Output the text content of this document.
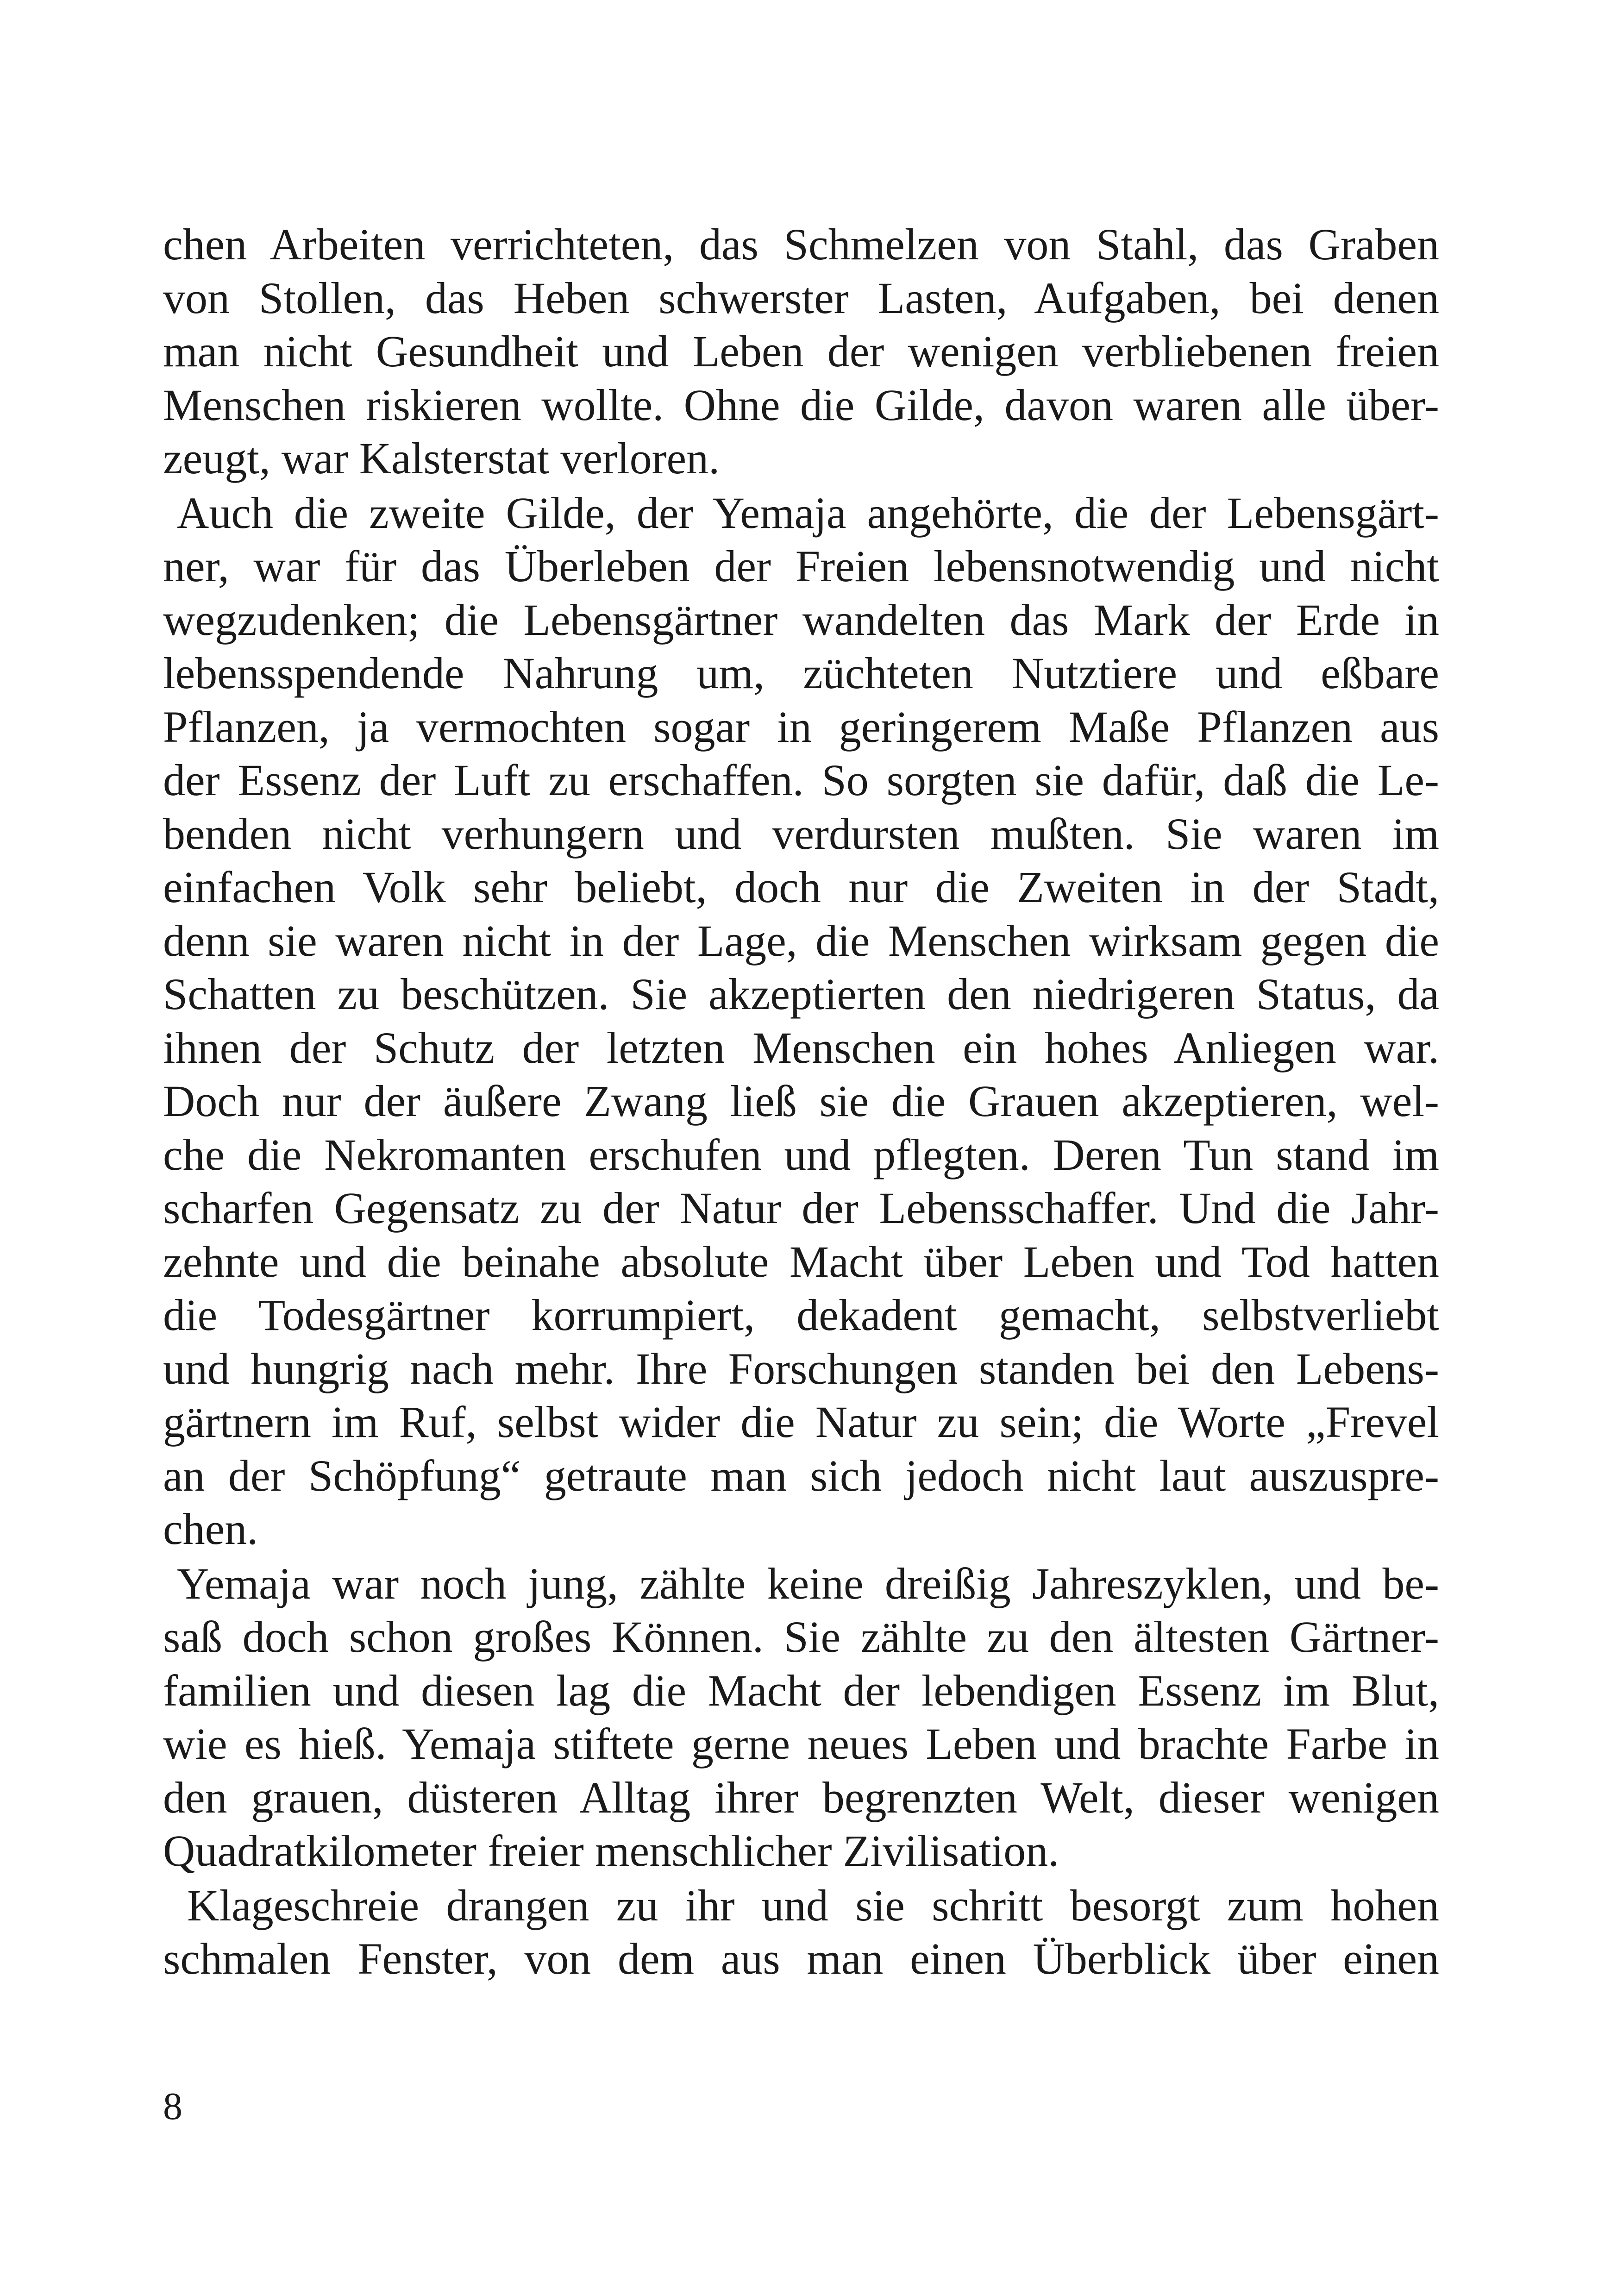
chen Arbeiten verrichteten, das Schmelzen von Stahl, das Graben
von Stollen, das Heben schwerster Lasten, Aufgaben, bei denen
man nicht Gesundheit und Leben der wenigen verbliebenen freien
Menschen riskieren wollte. Ohne die Gilde, davon waren alle über-
zeugt, war Kalsterstat verloren.
Auch die zweite Gilde, der Yemaja angehörte, die der Lebensgärt-
ner, war für das Überleben der Freien lebensnotwendig und nicht
wegzudenken; die Lebensgärtner wandelten das Mark der Erde in
lebensspendende Nahrung um, züchteten Nutztiere und eßbare
Pflanzen, ja vermochten sogar in geringerem Maße Pflanzen aus
der Essenz der Luft zu erschaffen. So sorgten sie dafür, daß die Le-
benden nicht verhungern und verdursten mußten. Sie waren im
einfachen Volk sehr beliebt, doch nur die Zweiten in der Stadt,
denn sie waren nicht in der Lage, die Menschen wirksam gegen die
Schatten zu beschützen. Sie akzeptierten den niedrigeren Status, da
ihnen der Schutz der letzten Menschen ein hohes Anliegen war.
Doch nur der äußere Zwang ließ sie die Grauen akzeptieren, wel-
che die Nekromanten erschufen und pflegten. Deren Tun stand im
scharfen Gegensatz zu der Natur der Lebensschaffer. Und die Jahr-
zehnte und die beinahe absolute Macht über Leben und Tod hatten
die Todesgärtner korrumpiert, dekadent gemacht, selbstverliebt
und hungrig nach mehr. Ihre Forschungen standen bei den Lebens-
gärtnern im Ruf, selbst wider die Natur zu sein; die Worte „Frevel
an der Schöpfung“ getraute man sich jedoch nicht laut auszuspre-
chen.
Yemaja war noch jung, zählte keine dreißig Jahreszyklen, und be-
saß doch schon großes Können. Sie zählte zu den ältesten Gärtner-
familien und diesen lag die Macht der lebendigen Essenz im Blut,
wie es hieß. Yemaja stiftete gerne neues Leben und brachte Farbe in
den grauen, düsteren Alltag ihrer begrenzten Welt, dieser wenigen
Quadratkilometer freier menschlicher Zivilisation.
Klageschreie drangen zu ihr und sie schritt besorgt zum hohen
schmalen Fenster, von dem aus man einen Überblick über einen
8
